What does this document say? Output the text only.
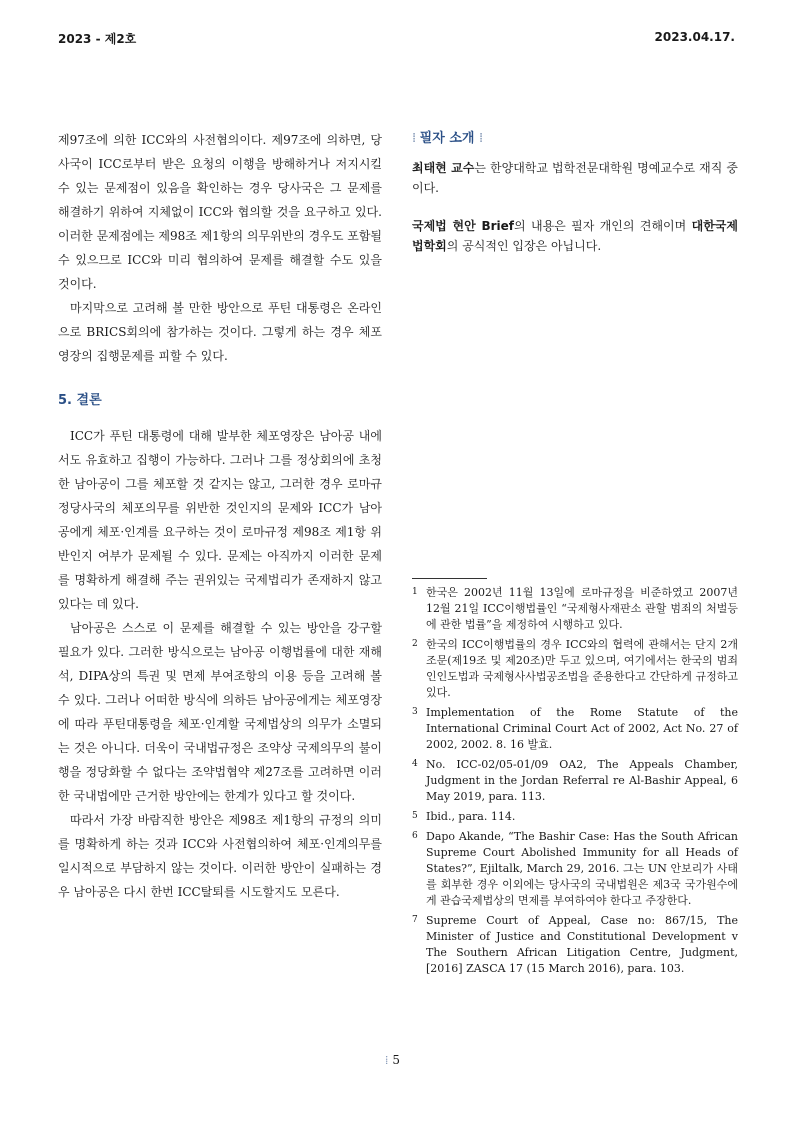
2023 - 제2호	2023.04.17.

제97조에 의한 ICC와의 사전협의이다. 제97조에 의하면, 당사국이 ICC로부터 받은 요청의 이행을 방해하거나 저지시킬 수 있는 문제점이 있음을 확인하는 경우 당사국은 그 문제를 해결하기 위하여 지체없이 ICC와 협의할 것을 요구하고 있다. 이러한 문제점에는 제98조 제1항의 의무위반의 경우도 포함될 수 있으므로 ICC와 미리 협의하여 문제를 해결할 수도 있을 것이다.

마지막으로 고려해 볼 만한 방안으로 푸틴 대통령은 온라인으로 BRICS회의에 참가하는 것이다. 그렇게 하는 경우 체포영장의 집행문제를 피할 수 있다.

5. 결론

ICC가 푸틴 대통령에 대해 발부한 체포영장은 남아공 내에서도 유효하고 집행이 가능하다. 그러나 그를 정상회의에 초청한 남아공이 그를 체포할 것 같지는 않고, 그러한 경우 로마규정당사국의 체포의무를 위반한 것인지의 문제와 ICC가 남아공에게 체포·인계를 요구하는 것이 로마규정 제98조 제1항 위반인지 여부가 문제될 수 있다. 문제는 아직까지 이러한 문제를 명확하게 해결해 주는 권위있는 국제법리가 존재하지 않고 있다는 데 있다.

남아공은 스스로 이 문제를 해결할 수 있는 방안을 강구할 필요가 있다. 그러한 방식으로는 남아공 이행법률에 대한 재해석, DIPA상의 특권 및 면제 부여조항의 이용 등을 고려해 볼 수 있다. 그러나 어떠한 방식에 의하든 남아공에게는 체포영장에 따라 푸틴대통령을 체포·인계할 국제법상의 의무가 소멸되는 것은 아니다. 더욱이 국내법규정은 조약상 국제의무의 불이행을 정당화할 수 없다는 조약법협약 제27조를 고려하면 이러한 국내법에만 근거한 방안에는 한계가 있다고 할 것이다.

따라서 가장 바람직한 방안은 제98조 제1항의 규정의 의미를 명확하게 하는 것과 ICC와 사전협의하여 체포·인계의무를 일시적으로 부담하지 않는 것이다. 이러한 방안이 실패하는 경우 남아공은 다시 한번 ICC탈퇴를 시도할지도 모른다.

⁞ 필자 소개 ⁞

최태현 교수는 한양대학교 법학전문대학원 명예교수로 재직 중이다.

국제법 현안 Brief의 내용은 필자 개인의 견해이며 대한국제법학회의 공식적인 입장은 아닙니다.

1 한국은 2002년 11월 13일에 로마규정을 비준하였고 2007년 12월 21일 ICC이행법률인 “국제형사재판소 관할 범죄의 처벌등에 관한 법률”을 제정하여 시행하고 있다.
2 한국의 ICC이행법률의 경우 ICC와의 협력에 관해서는 단지 2개 조문(제19조 및 제20조)만 두고 있으며, 여기에서는 한국의 범죄인인도법과 국제형사사법공조법을 준용한다고 간단하게 규정하고 있다.
3 Implementation of the Rome Statute of the International Criminal Court Act of 2002, Act No. 27 of 2002, 2002. 8. 16 발효.
4 No. ICC-02/05-01/09 OA2, The Appeals Chamber, Judgment in the Jordan Referral re Al-Bashir Appeal, 6 May 2019, para. 113.
5 Ibid., para. 114.
6 Dapo Akande, “The Bashir Case: Has the South African Supreme Court Abolished Immunity for all Heads of States?”, Ejiltalk, March 29, 2016. 그는 UN 안보리가 사태를 회부한 경우 이외에는 당사국의 국내법원은 제3국 국가원수에게 관습국제법상의 면제를 부여하여야 한다고 주장한다.
7 Supreme Court of Appeal, Case no: 867/15, The Minister of Justice and Constitutional Development v The Southern African Litigation Centre, Judgment, [2016] ZASCA 17 (15 March 2016), para. 103.
⁞ 5
